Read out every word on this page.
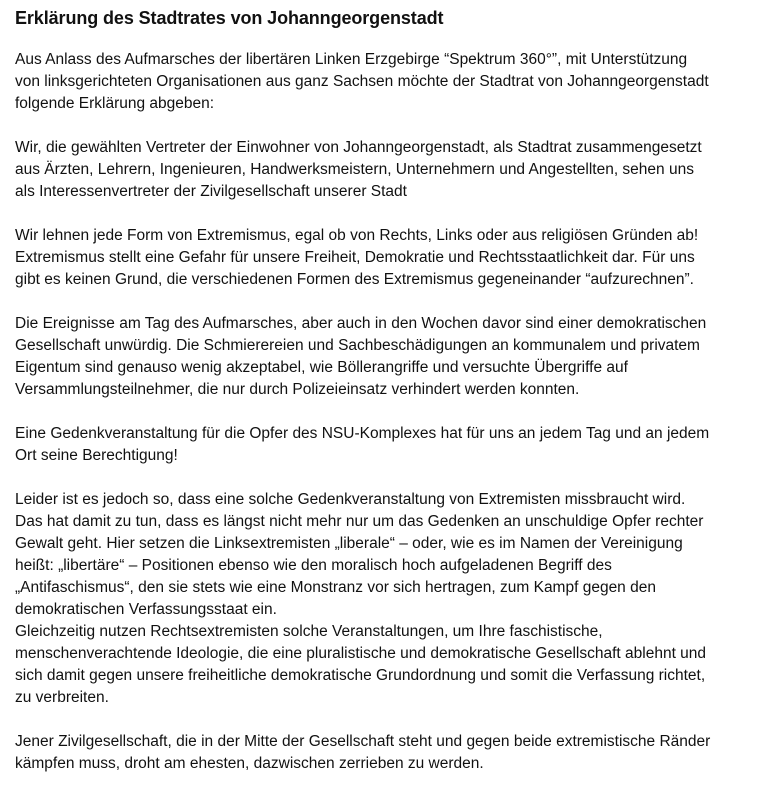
Erklärung des Stadtrates von Johanngeorgenstadt

Aus Anlass des Aufmarsches der libertären Linken Erzgebirge “Spektrum 360°”, mit Unterstützung
von linksgerichteten Organisationen aus ganz Sachsen möchte der Stadtrat von Johanngeorgenstadt
folgende Erklärung abgeben:

Wir, die gewählten Vertreter der Einwohner von Johanngeorgenstadt, als Stadtrat zusammengesetzt
aus Ärzten, Lehrern, Ingenieuren, Handwerksmeistern, Unternehmern und Angestellten, sehen uns
als Interessenvertreter der Zivilgesellschaft unserer Stadt

Wir lehnen jede Form von Extremismus, egal ob von Rechts, Links oder aus religiösen Gründen ab!
Extremismus stellt eine Gefahr für unsere Freiheit, Demokratie und Rechtsstaatlichkeit dar. Für uns
gibt es keinen Grund, die verschiedenen Formen des Extremismus gegeneinander “aufzurechnen”.

Die Ereignisse am Tag des Aufmarsches, aber auch in den Wochen davor sind einer demokratischen
Gesellschaft unwürdig. Die Schmierereien und Sachbeschädigungen an kommunalem und privatem
Eigentum sind genauso wenig akzeptabel, wie Böllerangriffe und versuchte Übergriffe auf
Versammlungsteilnehmer, die nur durch Polizeieinsatz verhindert werden konnten.

Eine Gedenkveranstaltung für die Opfer des NSU-Komplexes hat für uns an jedem Tag und an jedem
Ort seine Berechtigung!

Leider ist es jedoch so, dass eine solche Gedenkveranstaltung von Extremisten missbraucht wird.
Das hat damit zu tun, dass es längst nicht mehr nur um das Gedenken an unschuldige Opfer rechter
Gewalt geht. Hier setzen die Linksextremisten „liberale“ – oder, wie es im Namen der Vereinigung
heißt: „libertäre“ – Positionen ebenso wie den moralisch hoch aufgeladenen Begriff des
„Antifaschismus“, den sie stets wie eine Monstranz vor sich hertragen, zum Kampf gegen den
demokratischen Verfassungsstaat ein.

Gleichzeitig nutzen Rechtsextremisten solche Veranstaltungen, um Ihre faschistische,
menschenverachtende Ideologie, die eine pluralistische und demokratische Gesellschaft ablehnt und
sich damit gegen unsere freiheitliche demokratische Grundordnung und somit die Verfassung richtet,
zu verbreiten.

Jener Zivilgesellschaft, die in der Mitte der Gesellschaft steht und gegen beide extremistische Ränder
kämpfen muss, droht am ehesten, dazwischen zerrieben zu werden.
